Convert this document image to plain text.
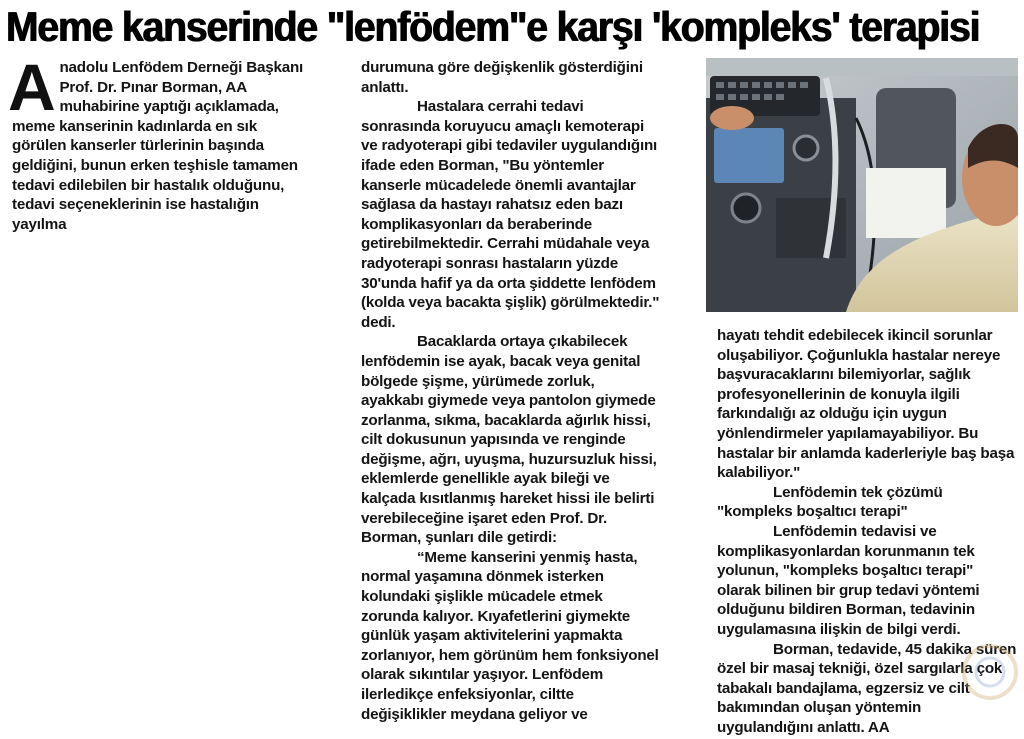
Meme kanserinde "lenfödem"e karşı 'kompleks' terapisi
A nadolu Lenfödem Derneği Başkanı Prof. Dr. Pınar Borman, AA muhabirine yaptığı açıklamada, meme kanserinin kadınlarda en sık görülen kanserler türlerinin başında geldiğini, bunun erken teşhisle tamamen tedavi edilebilen bir hastalık olduğunu, tedavi seçeneklerinin ise hastalığın yayılma

durumuna göre değişkenlik gösterdiğini anlattı.

Hastalara cerrahi tedavi sonrasında koruyucu amaçlı kemoterapi ve radyoterapi gibi tedaviler uygulandığını ifade eden Borman, "Bu yöntemler kanserle mücadelede önemli avantajlar sağlasa da hastayı rahatsız eden bazı komplikasyonları da beraberinde getirebilmektedir. Cerrahi müdahale veya radyoterapi sonrası hastaların yüzde 30'unda hafif ya da orta şiddette lenfödem (kolda veya bacakta şişlik) görülmektedir." dedi.

Bacaklarda ortaya çıkabilecek lenfödemin ise ayak, bacak veya genital bölgede şişme, yürümede zorluk, ayakkabı giymede veya pantolon giymede zorlanma, sıkma, bacaklarda ağırlık hissi, cilt dokusunun yapısında ve renginde değişme, ağrı, uyuşma, huzursuzluk hissi, eklemlerde genellikle ayak bileği ve kalçada kısıtlanmış hareket hissi ile belirti verebileceğine işaret eden Prof. Dr. Borman, şunları dile getirdi:

“Meme kanserini yenmiş hasta, normal yaşamına dönmek isterken kolundaki şişlikle mücadele etmek zorunda kalıyor. Kıyafetlerini giymekte günlük yaşam aktivitelerini yapmakta zorlanıyor, hem görünüm hem fonksiyonel olarak sıkıntılar yaşıyor. Lenfödem ilerledikçe enfeksiyonlar, ciltte değişiklikler meydana geliyor ve

hayatı tehdit edebilecek ikincil sorunlar oluşabiliyor. Çoğunlukla hastalar nereye başvuracaklarını bilemiyorlar, sağlık profesyonellerinin de konuyla ilgili farkındalığı az olduğu için uygun yönlendirmeler yapılamayabiliyor. Bu hastalar bir anlamda kaderleriyle baş başa kalabiliyor."

Lenfödemin tek çözümü "kompleks boşaltıcı terapi"

Lenfödemin tedavisi ve komplikasyonlardan korunmanın tek yolunun, "kompleks boşaltıcı terapi" olarak bilinen bir grup tedavi yöntemi olduğunu bildiren Borman, tedavinin uygulamasına ilişkin de bilgi verdi.

Borman, tedavide, 45 dakika süren özel bir masaj tekniği, özel sargılarla çok tabakalı bandajlama, egzersiz ve cilt bakımından oluşan yöntemin uygulandığını anlattı. AA
